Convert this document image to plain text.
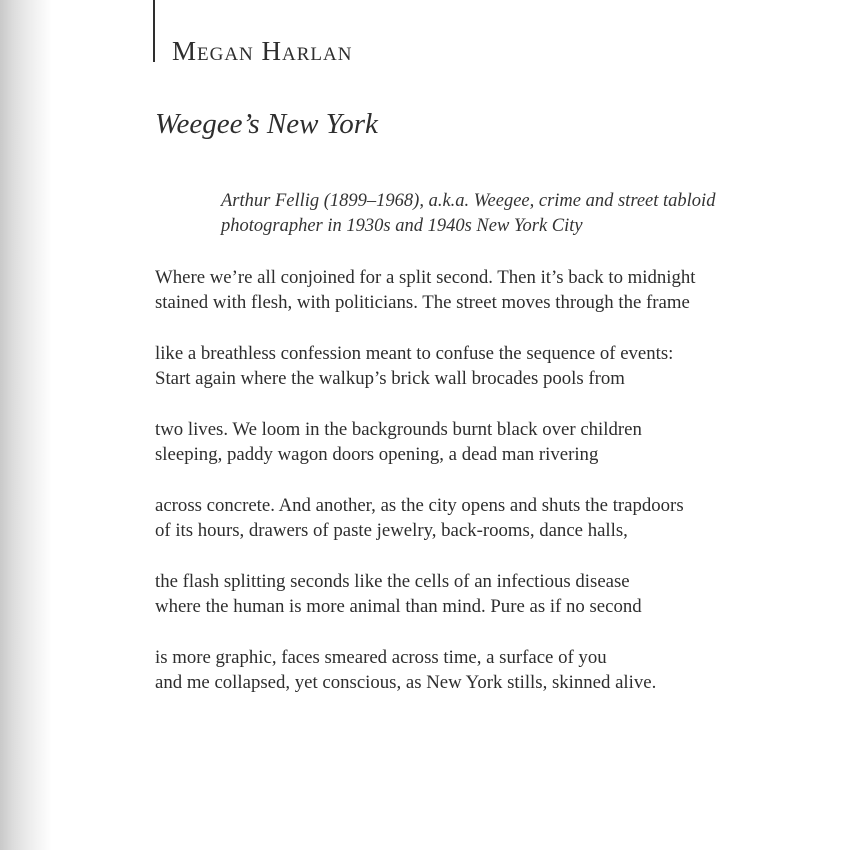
Megan Harlan
Weegee’s New York
Arthur Fellig (1899–1968), a.k.a. Weegee, crime and street tabloid
photographer in 1930s and 1940s New York City
Where we’re all conjoined for a split second. Then it’s back to midnight
stained with flesh, with politicians. The street moves through the frame
like a breathless confession meant to confuse the sequence of events:
Start again where the walkup’s brick wall brocades pools from
two lives. We loom in the backgrounds burnt black over children
sleeping, paddy wagon doors opening, a dead man rivering
across concrete. And another, as the city opens and shuts the trapdoors
of its hours, drawers of paste jewelry, back-rooms, dance halls,
the flash splitting seconds like the cells of an infectious disease
where the human is more animal than mind. Pure as if no second
is more graphic, faces smeared across time, a surface of you
and me collapsed, yet conscious, as New York stills, skinned alive.
